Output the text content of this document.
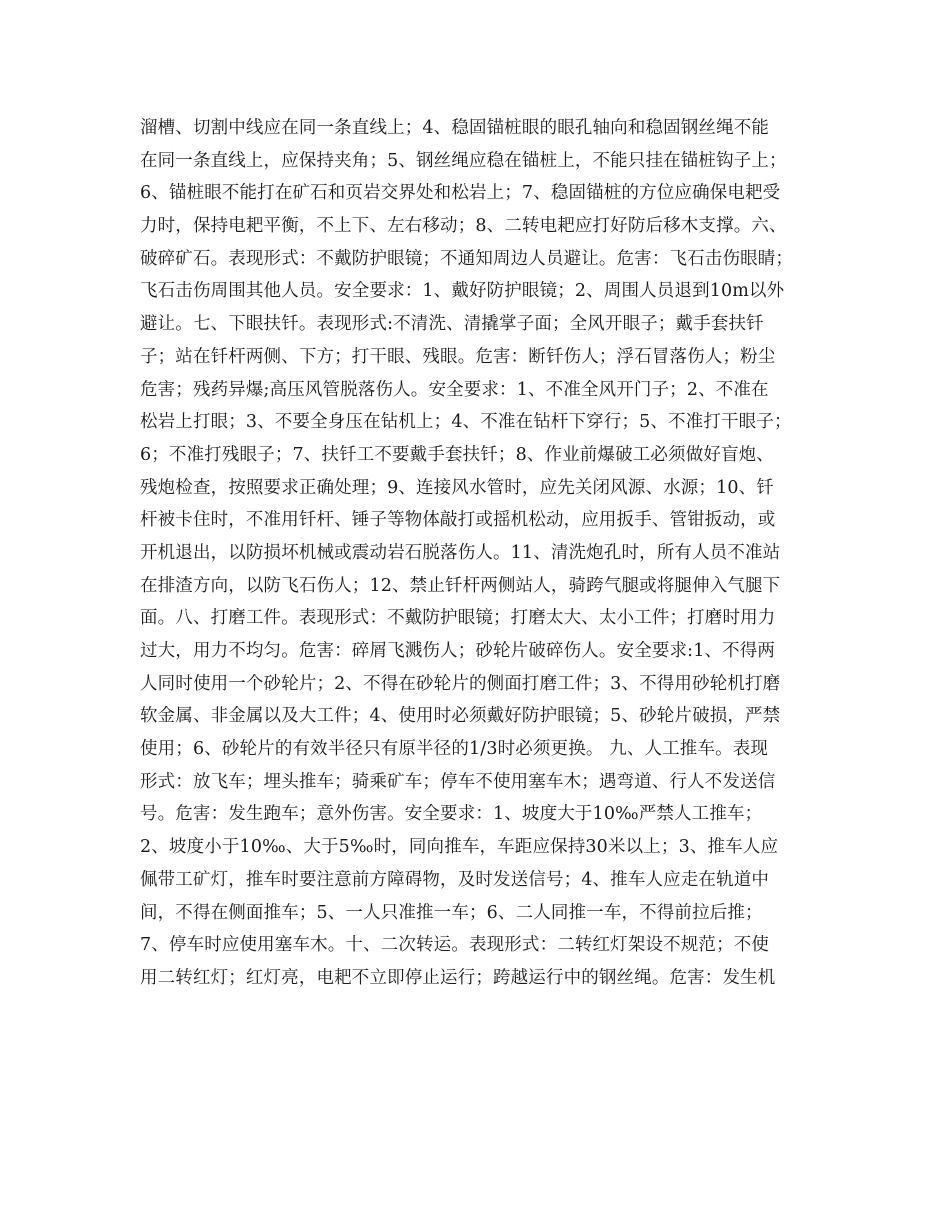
溜槽、切割中线应在同一条直线上；4、稳固锚桩眼的眼孔轴向和稳固钢丝绳不能
在同一条直线上，应保持夹角；5、钢丝绳应稳在锚桩上，不能只挂在锚桩钩子上；
6、锚桩眼不能打在矿石和页岩交界处和松岩上；7、稳固锚桩的方位应确保电耙受
力时，保持电耙平衡，不上下、左右移动；8、二转电耙应打好防后移木支撑。六、
破碎矿石。表现形式：不戴防护眼镜；不通知周边人员避让。危害：飞石击伤眼睛；
飞石击伤周围其他人员。安全要求：1、戴好防护眼镜；2、周围人员退到10m以外
避让。七、下眼扶钎。表现形式:不清洗、清撬掌子面；全风开眼子；戴手套扶钎
子；站在钎杆两侧、下方；打干眼、残眼。危害：断钎伤人；浮石冒落伤人；粉尘
危害；残药异爆;高压风管脱落伤人。安全要求：1、不准全风开门子；2、不准在
松岩上打眼；3、不要全身压在钻机上；4、不准在钻杆下穿行；5、不准打干眼子；
6；不准打残眼子；7、扶钎工不要戴手套扶钎；8、作业前爆破工必须做好盲炮、
残炮检查，按照要求正确处理；9、连接风水管时，应先关闭风源、水源；10、钎
杆被卡住时，不准用钎杆、锤子等物体敲打或摇机松动，应用扳手、管钳扳动，或
开机退出，以防损坏机械或震动岩石脱落伤人。11、清洗炮孔时，所有人员不准站
在排渣方向，以防飞石伤人；12、禁止钎杆两侧站人，骑跨气腿或将腿伸入气腿下
面。八、打磨工件。表现形式：不戴防护眼镜；打磨太大、太小工件；打磨时用力
过大，用力不均匀。危害：碎屑飞溅伤人；砂轮片破碎伤人。安全要求:1、不得两
人同时使用一个砂轮片；2、不得在砂轮片的侧面打磨工件；3、不得用砂轮机打磨
软金属、非金属以及大工件；4、使用时必须戴好防护眼镜；5、砂轮片破损，严禁
使用；6、砂轮片的有效半径只有原半径的1/3时必须更换。 九、人工推车。表现
形式：放飞车；埋头推车；骑乘矿车；停车不使用塞车木；遇弯道、行人不发送信
号。危害：发生跑车；意外伤害。安全要求：1、坡度大于10‰严禁人工推车；
2、坡度小于10‰、大于5‰时，同向推车，车距应保持30米以上；3、推车人应
佩带工矿灯，推车时要注意前方障碍物，及时发送信号；4、推车人应走在轨道中
间，不得在侧面推车；5、一人只准推一车；6、二人同推一车，不得前拉后推；
7、停车时应使用塞车木。十、二次转运。表现形式：二转红灯架设不规范；不使
用二转红灯；红灯亮，电耙不立即停止运行；跨越运行中的钢丝绳。危害：发生机
